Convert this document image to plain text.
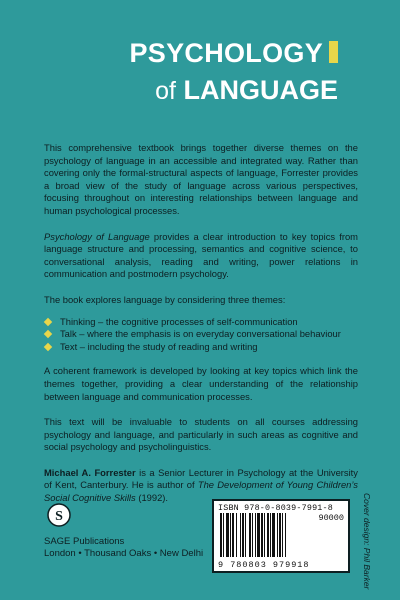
PSYCHOLOGY
of LANGUAGE

This comprehensive textbook brings together diverse themes on the psychology of language in an accessible and integrated way. Rather than covering only the formal-structural aspects of language, Forrester provides a broad view of the study of language across various perspectives, focusing throughout on interesting relationships between language and human psychological processes.

Psychology of Language provides a clear introduction to key topics from language structure and processing, semantics and cognitive science, to conversational analysis, reading and writing, power relations in communication and postmodern psychology.

The book explores language by considering three themes:

Thinking – the cognitive processes of self-communication
Talk – where the emphasis is on everyday conversational behaviour
Text – including the study of reading and writing

A coherent framework is developed by looking at key topics which link the themes together, providing a clear understanding of the relationship between language and communication processes.

This text will be invaluable to students on all courses addressing psychology and language, and particularly in such areas as cognitive and social psychology and psycholinguistics.

Michael A. Forrester is a Senior Lecturer in Psychology at the University of Kent, Canterbury. He is author of The Development of Young Children’s Social Cognitive Skills (1992).

S
SAGE Publications
London • Thousand Oaks • New Delhi
ISBN 978-0-8039-7991-8
90000
9 780803 979918	Cover design: Phil Barker
